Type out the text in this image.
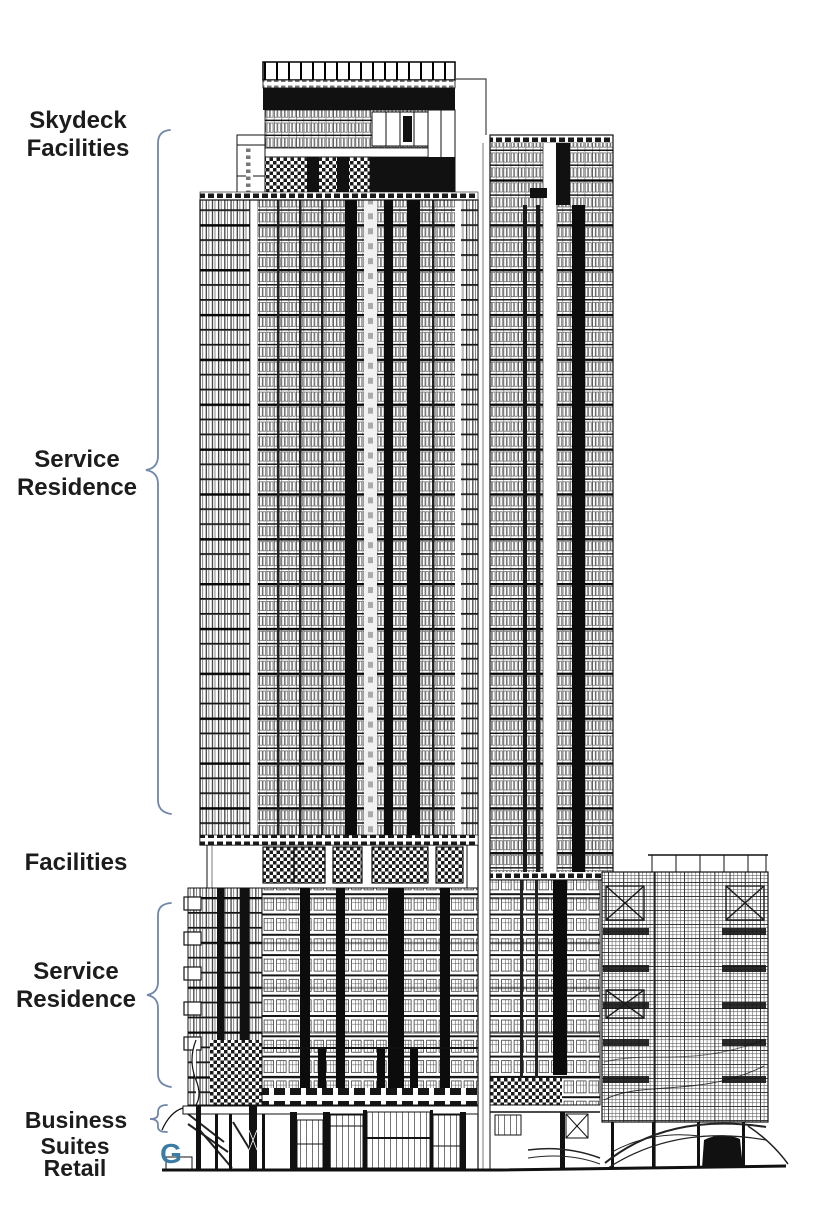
Skydeck
Facilities
Service
Residence
Facilities
Service
Residence
Business
Suites
Retail G
